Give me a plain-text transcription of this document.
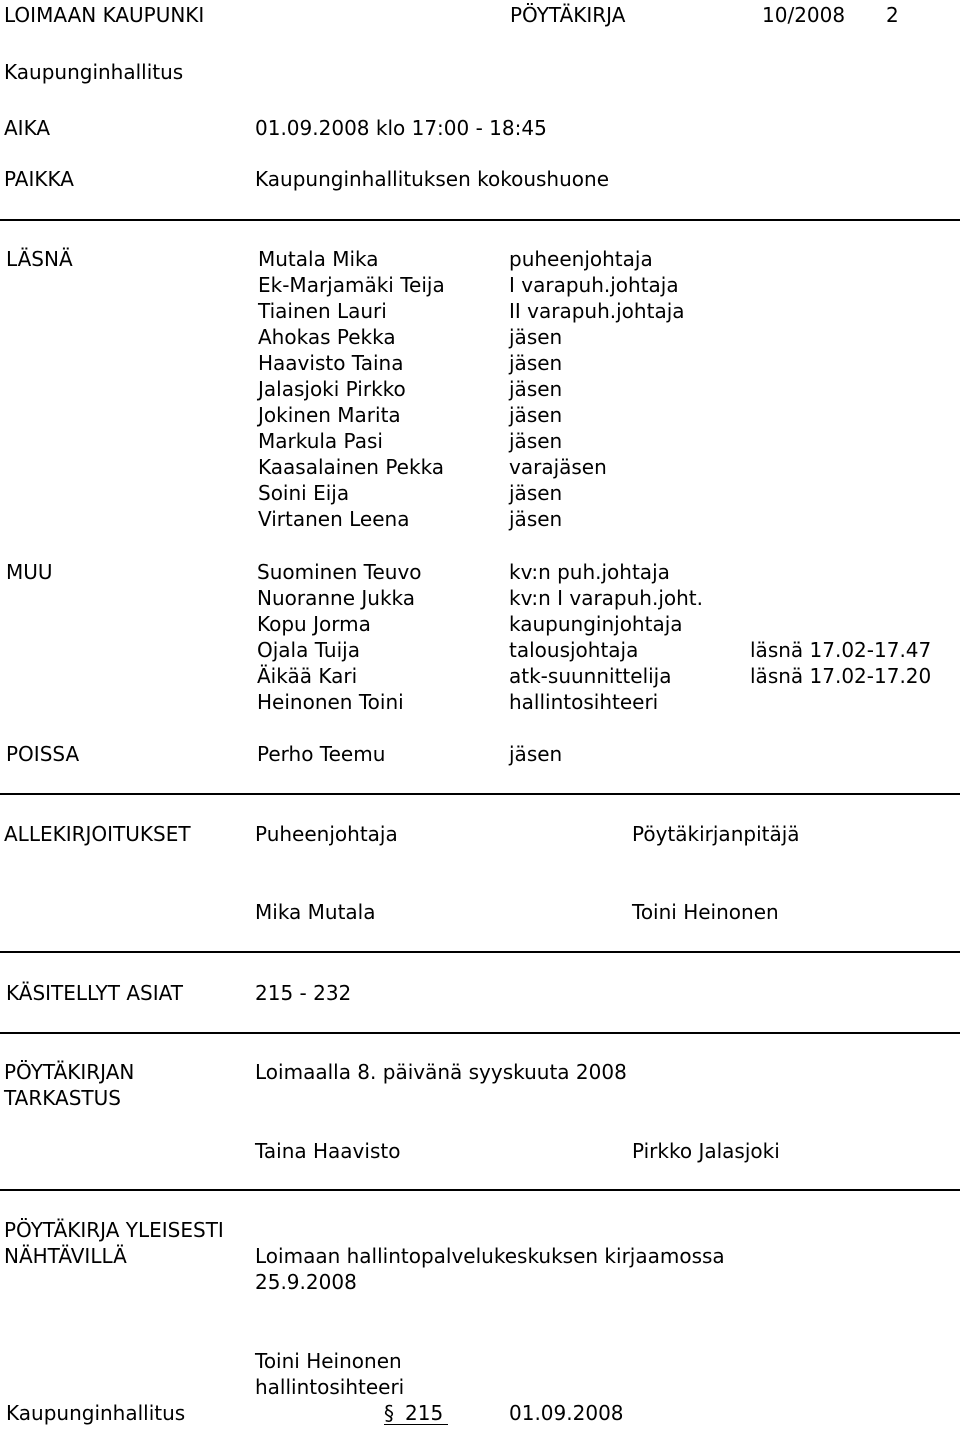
LOIMAAN KAUPUNKI	PÖYTÄKIRJA	10/2008 2
Kaupunginhallitus
AIKA	01.09.2008 klo 17:00 - 18:45
PAIKKA	Kaupunginhallituksen kokoushuone
LÄSNÄ	Mutala Mika	puheenjohtaja
Ek-Marjamäki Teija	I varapuh.johtaja
Tiainen Lauri	II varapuh.johtaja
Ahokas Pekka	jäsen
Haavisto Taina	jäsen
Jalasjoki Pirkko	jäsen
Jokinen Marita	jäsen
Markula Pasi	jäsen
Kaasalainen Pekka	varajäsen
Soini Eija	jäsen
Virtanen Leena	jäsen
MUU	Suominen Teuvo	kv:n puh.johtaja
Nuoranne Jukka	kv:n I varapuh.joht.
Kopu Jorma	kaupunginjohtaja
Ojala Tuija	talousjohtaja	läsnä 17.02-17.47
Äikää Kari	atk-suunnittelija	läsnä 17.02-17.20
Heinonen Toini	hallintosihteeri
POISSA	Perho Teemu	jäsen
ALLEKIRJOITUKSET	Puheenjohtaja	Pöytäkirjanpitäjä
Mika Mutala	Toini Heinonen
KÄSITELLYT ASIAT	215 - 232
PÖYTÄKIRJAN
TARKASTUS
Loimaalla 8. päivänä syyskuuta 2008
Taina Haavisto	Pirkko Jalasjoki
PÖYTÄKIRJA YLEISESTI
NÄHTÄVILLÄ	Loimaan hallintopalvelukeskuksen kirjaamossa
25.9.2008
Toini Heinonen
hallintosihteeri
Kaupunginhallitus	§ 215	01.09.2008
